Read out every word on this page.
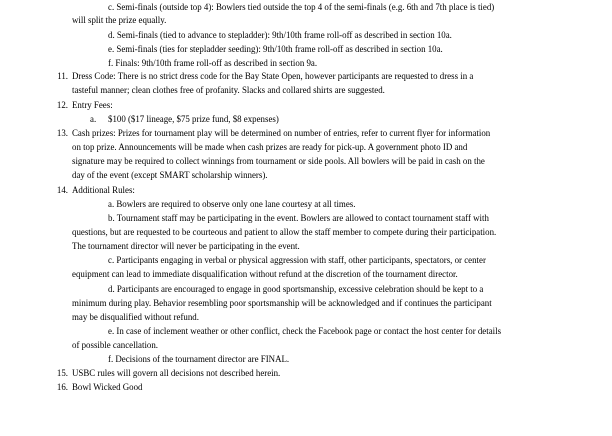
c. Semi-finals (outside top 4): Bowlers tied outside the top 4 of the semi-finals (e.g. 6th and 7th place is tied)
will split the prize equally.
d. Semi-finals (tied to advance to stepladder): 9th/10th frame roll-off as described in section 10a.
e. Semi-finals (ties for stepladder seeding): 9th/10th frame roll-off as described in section 10a.
f. Finals: 9th/10th frame roll-off as described in section 9a.
11. Dress Code: There is no strict dress code for the Bay State Open, however participants are requested to dress in a
tasteful manner; clean clothes free of profanity. Slacks and collared shirts are suggested.
12. Entry Fees:
a. $100 ($17 lineage, $75 prize fund, $8 expenses)
13. Cash prizes: Prizes for tournament play will be determined on number of entries, refer to current flyer for information
on top prize. Announcements will be made when cash prizes are ready for pick-up. A government photo ID and
signature may be required to collect winnings from tournament or side pools. All bowlers will be paid in cash on the
day of the event (except SMART scholarship winners).
14. Additional Rules:
a. Bowlers are required to observe only one lane courtesy at all times.
b. Tournament staff may be participating in the event. Bowlers are allowed to contact tournament staff with
questions, but are requested to be courteous and patient to allow the staff member to compete during their participation.
The tournament director will never be participating in the event.
c. Participants engaging in verbal or physical aggression with staff, other participants, spectators, or center
equipment can lead to immediate disqualification without refund at the discretion of the tournament director.
d. Participants are encouraged to engage in good sportsmanship, excessive celebration should be kept to a
minimum during play. Behavior resembling poor sportsmanship will be acknowledged and if continues the participant
may be disqualified without refund.
e. In case of inclement weather or other conflict, check the Facebook page or contact the host center for details
of possible cancellation.
f. Decisions of the tournament director are FINAL.
15. USBC rules will govern all decisions not described herein.
16. Bowl Wicked Good
